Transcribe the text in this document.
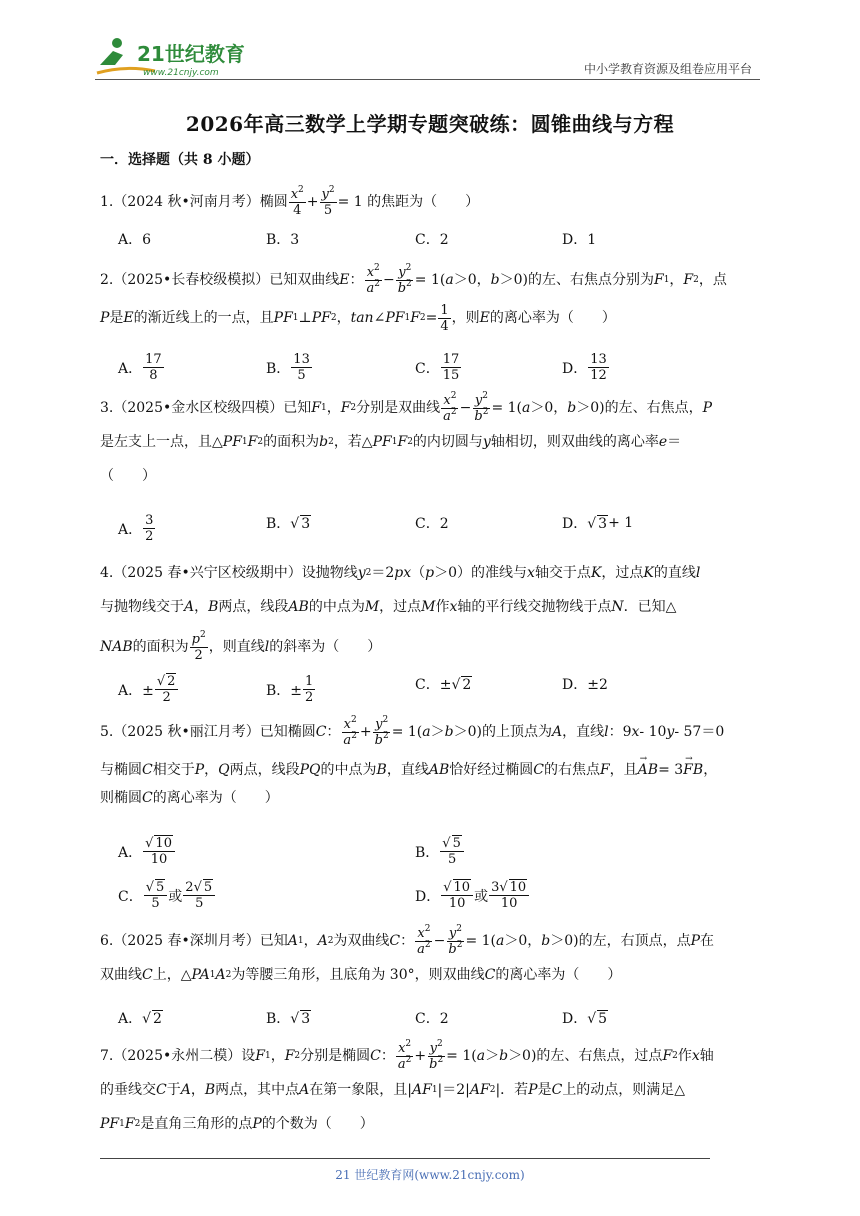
21世纪教育
www.21cnjy.com	中小学教育资源及组卷应用平台
2026年高三数学上学期专题突破练：圆锥曲线与方程
一．选择题（共 8 小题）
1. （2024 秋•河南月考） 椭圆 $\frac{x^2}{4} + \frac{y^2}{5} = 1$ 的焦距为（　　）
A．6	B．3	C．2	D．1
2. （2025•长春校级模拟） 已知双曲线 E ： $\frac{x^2}{a^2} - \frac{y^2}{b^2} = 1$( a ＞0， b ＞0)的左、右焦点分别为 F 1 ， F 2 ，点
P 是 E 的渐近线上的一点，且 PF 1 ⊥ PF 2 ， tan ∠ PF 1 F $2 = \frac{1}{4}$ ，则 E 的离心率为（　　）
A． $\frac{17}{8}$	B． $\frac{13}{5}$	C． $\frac{17}{15}$	D． $\frac{13}{12}$
3. （2025•金水区校级四模） 已知 F 1 ， F 2 分别是双曲线 $\frac{x^2}{a^2} - \frac{y^2}{b^2} = 1$( a ＞0， b ＞0)的左、右焦点， P
是左支上一点，且△ PF 1 F 2 的面积为 b 2 ，若△ PF 1 F 2 的内切圆与 y 轴相切，则双曲线的离心率 e ＝
（　　）
A． $\frac{3}{2}$	B．√ 3	C．2	D．√ 3 + 1
4. （2025 春•兴宁区校级期中） 设抛物线 y 2 ＝2 px （ p ＞0）的准线与 x 轴交于点 K ，过点 K 的直线 l
与抛物线交于 A ， B 两点，线段 AB 的中点为 M ，过点 M 作 x 轴的平行线交抛物线于点 N ．已知△
NAB 的面积为 $\frac{p^2}{2}$ ，则直线 l 的斜率为（　　）
A．± $\frac{√ 2}{2}$	B．± $\frac{1}{2}$	C．±√ 2	D．±2
5. （2025 秋•丽江月考） 已知椭圆 C ： $\frac{x^2}{a^2} + \frac{y^2}{b^2} = 1$( a ＞ b ＞0)的上顶点为 A ，直线 l ：9 x ‑ 10 y ‑ 57＝0
与椭圆 C 相交于 P ， Q 两点，线段 PQ 的中点为 B ，直线 AB 恰好经过椭圆 C 的右焦点 F ，且 → AB = 3 → FB ，
则椭圆 C 的离心率为（　　）
A． $\frac{√ 10}{10}$	B． $\frac{√ 5}{5}$
C． $\frac{√ 5}{5}$ 或 $\frac{2√ 5}{5}$	D． $\frac{√ 10}{10}$ 或 $\frac{3√ 10}{10}$
6. （2025 春•深圳月考） 已知 A 1 ， A 2 为双曲线 C ： $\frac{x^2}{a^2} - \frac{y^2}{b^2} = 1$( a ＞0， b ＞0)的左，右顶点，点 P 在
双曲线 C 上，△ PA 1 A 2 为等腰三角形，且底角为 30°，则双曲线 C 的离心率为（　　）
A．√ 2	B．√ 3	C．2	D．√ 5
7. （2025•永州二模） 设 F 1 ， F 2 分别是椭圆 C ： $\frac{x^2}{a^2} + \frac{y^2}{b^2} = 1$( a ＞ b ＞0)的左、右焦点，过点 F 2 作 x 轴
的垂线交 C 于 A ， B 两点，其中点 A 在第一象限，且| AF 1 |＝2| AF 2 |．若 P 是 C 上的动点，则满足△
PF 1 F 2 是直角三角形的点 P 的个数为（　　）
21 世纪教育网(www.21cnjy.com)
